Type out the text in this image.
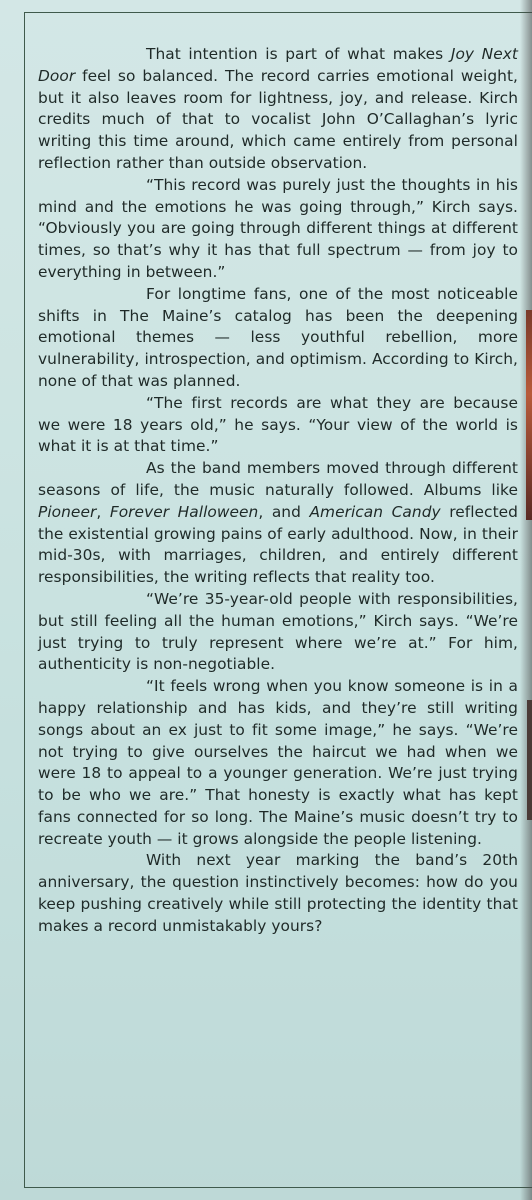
That intention is part of what makes Joy Next Door feel so balanced. The record carries emotional weight, but it also leaves room for lightness, joy, and release. Kirch credits much of that to vocalist John O’Callaghan’s lyric writing this time around, which came entirely from personal reflection rather than outside observation.

“This record was purely just the thoughts in his mind and the emotions he was going through,” Kirch says. “Obviously you are going through different things at different times, so that’s why it has that full spectrum — from joy to everything in between.”

For longtime fans, one of the most noticeable shifts in The Maine’s catalog has been the deepening emotional themes — less youthful rebellion, more vulnerability, introspection, and optimism. According to Kirch, none of that was planned.

“The first records are what they are because we were 18 years old,” he says. “Your view of the world is what it is at that time.”

As the band members moved through different seasons of life, the music naturally followed. Albums like Pioneer, Forever Halloween, and American Candy reflected the existential growing pains of early adulthood. Now, in their mid-30s, with marriages, children, and entirely different responsibilities, the writing reflects that reality too.

“We’re 35-year-old people with responsibilities, but still feeling all the human emotions,” Kirch says. “We’re just trying to truly represent where we’re at.” For him, authenticity is non-negotiable.

“It feels wrong when you know someone is in a happy relationship and has kids, and they’re still writing songs about an ex just to fit some image,” he says. “We’re not trying to give ourselves the haircut we had when we were 18 to appeal to a younger generation. We’re just trying to be who we are.” That honesty is exactly what has kept fans connected for so long. The Maine’s music doesn’t try to recreate youth — it grows alongside the people listening.

With next year marking the band’s 20th anniversary, the question instinctively becomes: how do you keep pushing creatively while still protecting the identity that makes a record unmistakably yours?
